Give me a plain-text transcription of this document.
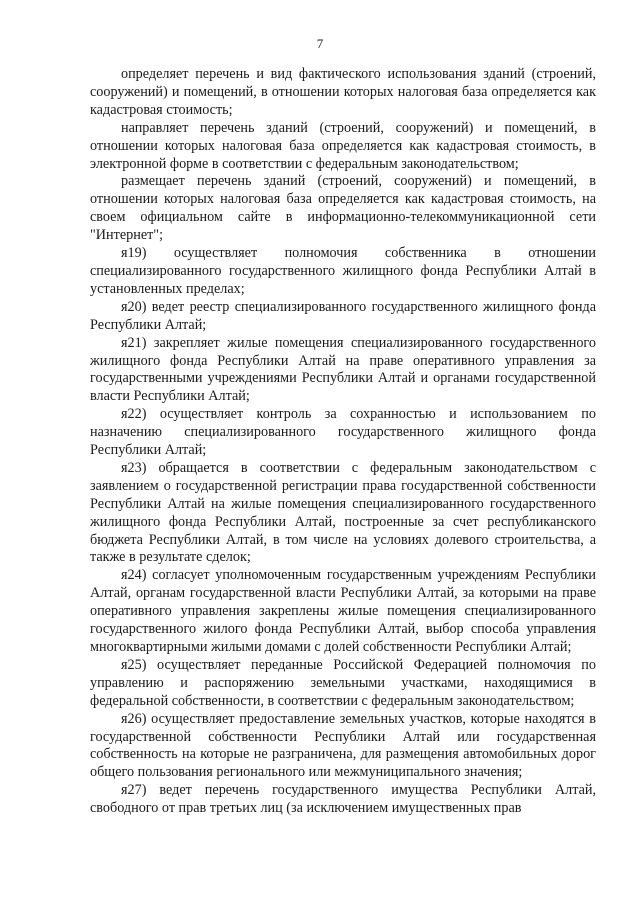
7

определяет перечень и вид фактического использования зданий (строений, сооружений) и помещений, в отношении которых налоговая база определяется как кадастровая стоимость;

направляет перечень зданий (строений, сооружений) и помещений, в отношении которых налоговая база определяется как кадастровая стоимость, в электронной форме в соответствии с федеральным законодательством;

размещает перечень зданий (строений, сооружений) и помещений, в отношении которых налоговая база определяется как кадастровая стоимость, на своем официальном сайте в информационно-телекоммуникационной сети "Интернет";

я19) осуществляет полномочия собственника в отношении специализированного государственного жилищного фонда Республики Алтай в установленных пределах;

я20) ведет реестр специализированного государственного жилищного фонда Республики Алтай;

я21) закрепляет жилые помещения специализированного государственного жилищного фонда Республики Алтай на праве оперативного управления за государственными учреждениями Республики Алтай и органами государственной власти Республики Алтай;

я22) осуществляет контроль за сохранностью и использованием по назначению специализированного государственного жилищного фонда Республики Алтай;

я23) обращается в соответствии с федеральным законодательством с заявлением о государственной регистрации права государственной собственности Республики Алтай на жилые помещения специализированного государственного жилищного фонда Республики Алтай, построенные за счет республиканского бюджета Республики Алтай, в том числе на условиях долевого строительства, а также в результате сделок;

я24) согласует уполномоченным государственным учреждениям Республики Алтай, органам государственной власти Республики Алтай, за которыми на праве оперативного управления закреплены жилые помещения специализированного государственного жилого фонда Республики Алтай, выбор способа управления многоквартирными жилыми домами с долей собственности Республики Алтай;

я25) осуществляет переданные Российской Федерацией полномочия по управлению и распоряжению земельными участками, находящимися в федеральной собственности, в соответствии с федеральным законодательством;

я26) осуществляет предоставление земельных участков, которые находятся в государственной собственности Республики Алтай или государственная собственность на которые не разграничена, для размещения автомобильных дорог общего пользования регионального или межмуниципального значения;

я27) ведет перечень государственного имущества Республики Алтай, свободного от прав третьих лиц (за исключением имущественных прав
